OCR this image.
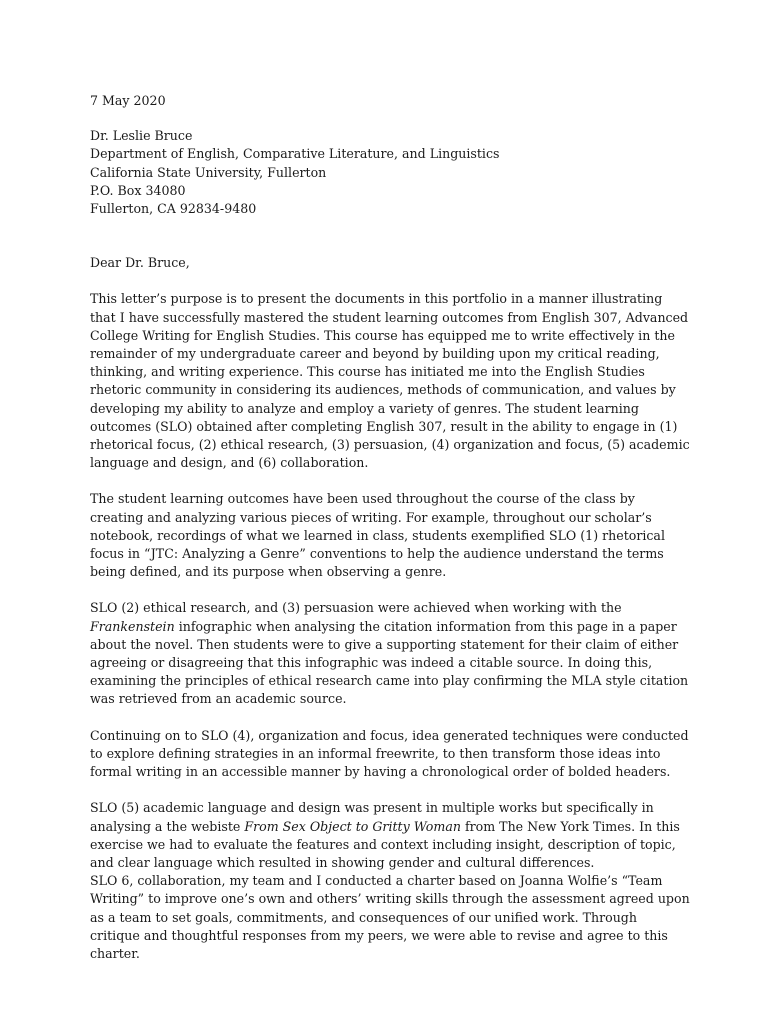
7 May 2020
Dr. Leslie Bruce
Department of English, Comparative Literature, and Linguistics
California State University, Fullerton
P.O. Box 34080
Fullerton, CA 92834-9480
Dear Dr. Bruce,

This letter’s purpose is to present the documents in this portfolio in a manner illustrating that I have successfully mastered the student learning outcomes from English 307, Advanced College Writing for English Studies. This course has equipped me to write effectively in the remainder of my undergraduate career and beyond by building upon my critical reading, thinking, and writing experience. This course has initiated me into the English Studies rhetoric community in considering its audiences, methods of communication, and values by developing my ability to analyze and employ a variety of genres. The student learning outcomes (SLO) obtained after completing English 307, result in the ability to engage in (1) rhetorical focus, (2) ethical research, (3) persuasion, (4) organization and focus, (5) academic language and design, and (6) collaboration.

The student learning outcomes have been used throughout the course of the class by creating and analyzing various pieces of writing. For example, throughout our scholar’s notebook, recordings of what we learned in class, students exemplified SLO (1) rhetorical focus in “JTC: Analyzing a Genre” conventions to help the audience understand the terms being defined, and its purpose when observing a genre.

SLO (2) ethical research, and (3) persuasion were achieved when working with the Frankenstein infographic when analysing the citation information from this page in a paper about the novel. Then students were to give a supporting statement for their claim of either agreeing or disagreeing that this infographic was indeed a citable source. In doing this, examining the principles of ethical research came into play confirming the MLA style citation was retrieved from an academic source.

Continuing on to SLO (4), organization and focus, idea generated techniques were conducted to explore defining strategies in an informal freewrite, to then transform those ideas into formal writing in an accessible manner by having a chronological order of bolded headers.

SLO (5) academic language and design was present in multiple works but specifically in analysing a the webiste From Sex Object to Gritty Woman from The New York Times. In this exercise we had to evaluate the features and context including insight, description of topic, and clear language which resulted in showing gender and cultural differences.

SLO 6, collaboration, my team and I conducted a charter based on Joanna Wolfie’s “Team Writing” to improve one’s own and others’ writing skills through the assessment agreed upon as a team to set goals, commitments, and consequences of our unified work. Through critique and thoughtful responses from my peers, we were able to revise and agree to this charter.
